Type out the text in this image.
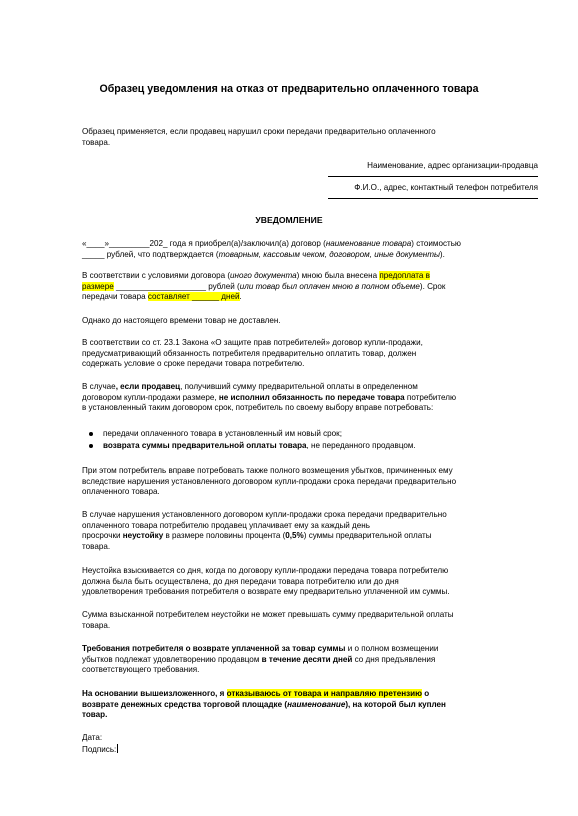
Образец уведомления на отказ от предварительно оплаченного товара
Образец применяется, если продавец нарушил сроки передачи предварительно оплаченного
товара.
Наименование, адрес организации-продавца
Ф.И.О., адрес, контактный телефон потребителя
УВЕДОМЛЕНИЕ
«____»_________202_ года я приобрел(а)/заключил(а) договор (наименование товара) стоимостью
_____ рублей, что подтверждается (товарным, кассовым чеком, договором, иные документы).
В соответствии с условиями договора (иного документа) мною была внесена предоплата в
размере ____________________ рублей (или товар был оплачен мною в полном объеме). Срок
передачи товара составляет ______ дней.
Однако до настоящего времени товар не доставлен.
В соответствии со ст. 23.1 Закона «О защите прав потребителей» договор купли-продажи,
предусматривающий обязанность потребителя предварительно оплатить товар, должен
содержать условие о сроке передачи товара потребителю.
В случае, если продавец, получивший сумму предварительной оплаты в определенном
договором купли-продажи размере, не исполнил обязанность по передаче товара потребителю
в установленный таким договором срок, потребитель по своему выбору вправе потребовать:
передачи оплаченного товара в установленный им новый срок;
возврата суммы предварительной оплаты товара, не переданного продавцом.
При этом потребитель вправе потребовать также полного возмещения убытков, причиненных ему
вследствие нарушения установленного договором купли-продажи срока передачи предварительно
оплаченного товара.
В случае нарушения установленного договором купли-продажи срока передачи предварительно
оплаченного товара потребителю продавец уплачивает ему за каждый день
просрочки неустойку в размере половины процента (0,5%) суммы предварительной оплаты
товара.
Неустойка взыскивается со дня, когда по договору купли-продажи передача товара потребителю
должна была быть осуществлена, до дня передачи товара потребителю или до дня
удовлетворения требования потребителя о возврате ему предварительно уплаченной им суммы.
Сумма взысканной потребителем неустойки не может превышать сумму предварительной оплаты
товара.
Требования потребителя о возврате уплаченной за товар суммы и о полном возмещении
убытков подлежат удовлетворению продавцом в течение десяти дней со дня предъявления
соответствующего требования.
На основании вышеизложенного, я отказываюсь от товара и направляю претензию о
возврате денежных средства торговой площадке (наименование), на которой был куплен
товар.
Дата:
Подпись:
